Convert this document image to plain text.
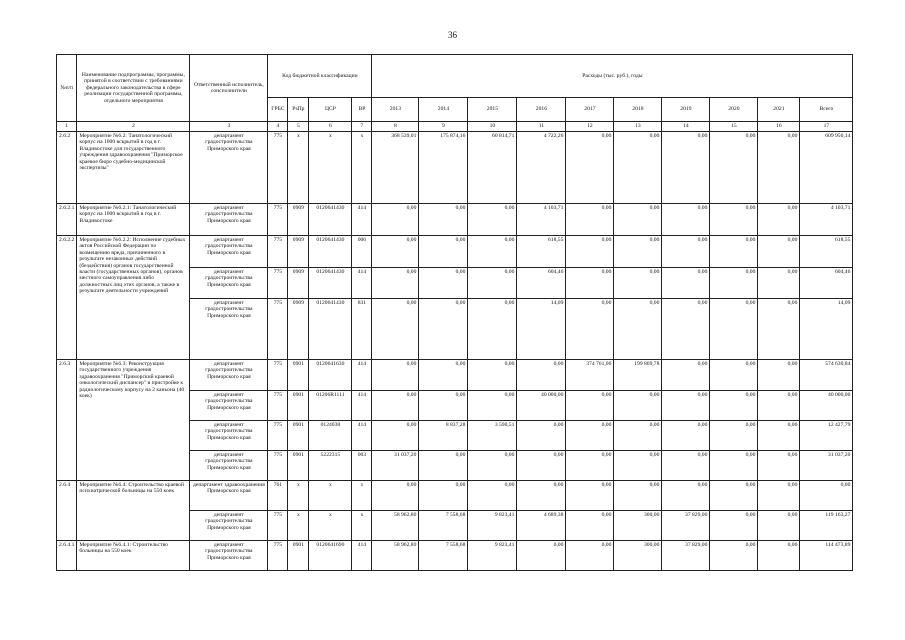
36
№п/п	Наименование подпрограммы, программы, принятой в соответствии с требованиями федерального законодательства в сфере реализации государственной программы, отдельного мероприятия	Ответственный исполнитель, соисполнители	Код бюджетной классификации				Расходы (тыс. руб.), годы									
			ГРБС	РзПр	ЦСР	ВР	2013	2014	2015	2016	2017	2018	2019	2020	2021	Всего
1	2	3	4	5	6	7	8	9	10	11	12	13	14	15	16	17
2.6.2	Мероприятие №6.2: Танатологический корпус на 1000 вскрытий в год в г. Владивостоке для государственного учреждения здравоохранения "Приморское краевое бюро судебно-медицинской экспертизы"	департамент градостроительства Приморского края	775	х	х	х	368 539,01	175 874,16	60 814,71	4 722,26	0,00	0,00	0,00	0,00	0,00	609 950,14
2.6.2.1	Мероприятие №6.2.1: Танатологический корпус на 1000 вскрытий в год в г. Владивостоке	департамент градостроительства Приморского края	775	0909	0120641430	414	0,00	0,00	0,00	4 103,71	0,00	0,00	0,00	0,00	0,00	4 103,71
2.6.2.2	Мероприятие №6.2.2: Исполнение судебных актов Российской Федерации по возмещению вреда, причиненного в результате незаконных действий (бездействия) органов государственной власти (государственных органов), органов местного самоуправления либо должностных лиц этих органов, а также в результате деятельности учреждений	департамент градостроительства Приморского края	775	0909	0120641430	006	0,00	0,00	0,00	618,55	0,00	0,00	0,00	0,00	0,00	618,55
		департамент градостроительства Приморского края	775	0909	0120641430	414	0,00	0,00	0,00	604,46	0,00	0,00	0,00	0,00	0,00	604,46
		департамент градостроительства Приморского края	775	0909	0120641430	831	0,00	0,00	0,00	14,09	0,00	0,00	0,00	0,00	0,00	14,09
2.6.3	Мероприятие №6.3: Реконструкция государственного учреждения здравоохранения "Приморский краевой онкологический диспансер" в пристройке к радиологическому корпусу на 2 каньона (40 коек)	департамент градостроительства Приморского края	775	0901	0120641630	414	0,00	0,00	0,00	0,00	374 761,06	199 869,78	0,00	0,00	0,00	574 630,84
		департамент градостроительства Приморского края	775	0901	01206R1111	414	0,00	0,00	0,00	40 000,00	0,00	0,00	0,00	0,00	0,00	40 000,00
		департамент градостроительства Приморского края	775	0901	0124038	414	0,00	8 837,28	3 590,51	0,00	0,00	0,00	0,00	0,00	0,00	12 427,79
		департамент градостроительства Приморского края	775	0901	5222315	003	31 037,20	0,00	0,00	0,00	0,00	0,00	0,00	0,00	0,00	31 037,20
2.6.4	Мероприятие №6.4: Строительство краевой психиатрической больницы на 550 коек	департамент здравоохранения Приморского края	761	х	х	х	0,00	0,00	0,00	0,00	0,00	0,00	0,00	0,00	0,00	0,00
		департамент градостроительства Приморского края	775	х	х	х	58 962,80	7 558,68	9 823,41	4 689,38	0,00	300,00	37 829,00	0,00	0,00	119 163,27
2.6.4.1	Мероприятие №6.4.1: Строительство больницы на 550 коек	департамент градостроительства Приморского края	775	0901	0120641690	414	58 962,80	7 558,68	9 823,41	0,00	0,00	300,00	37 829,00	0,00	0,00	114 473,89
